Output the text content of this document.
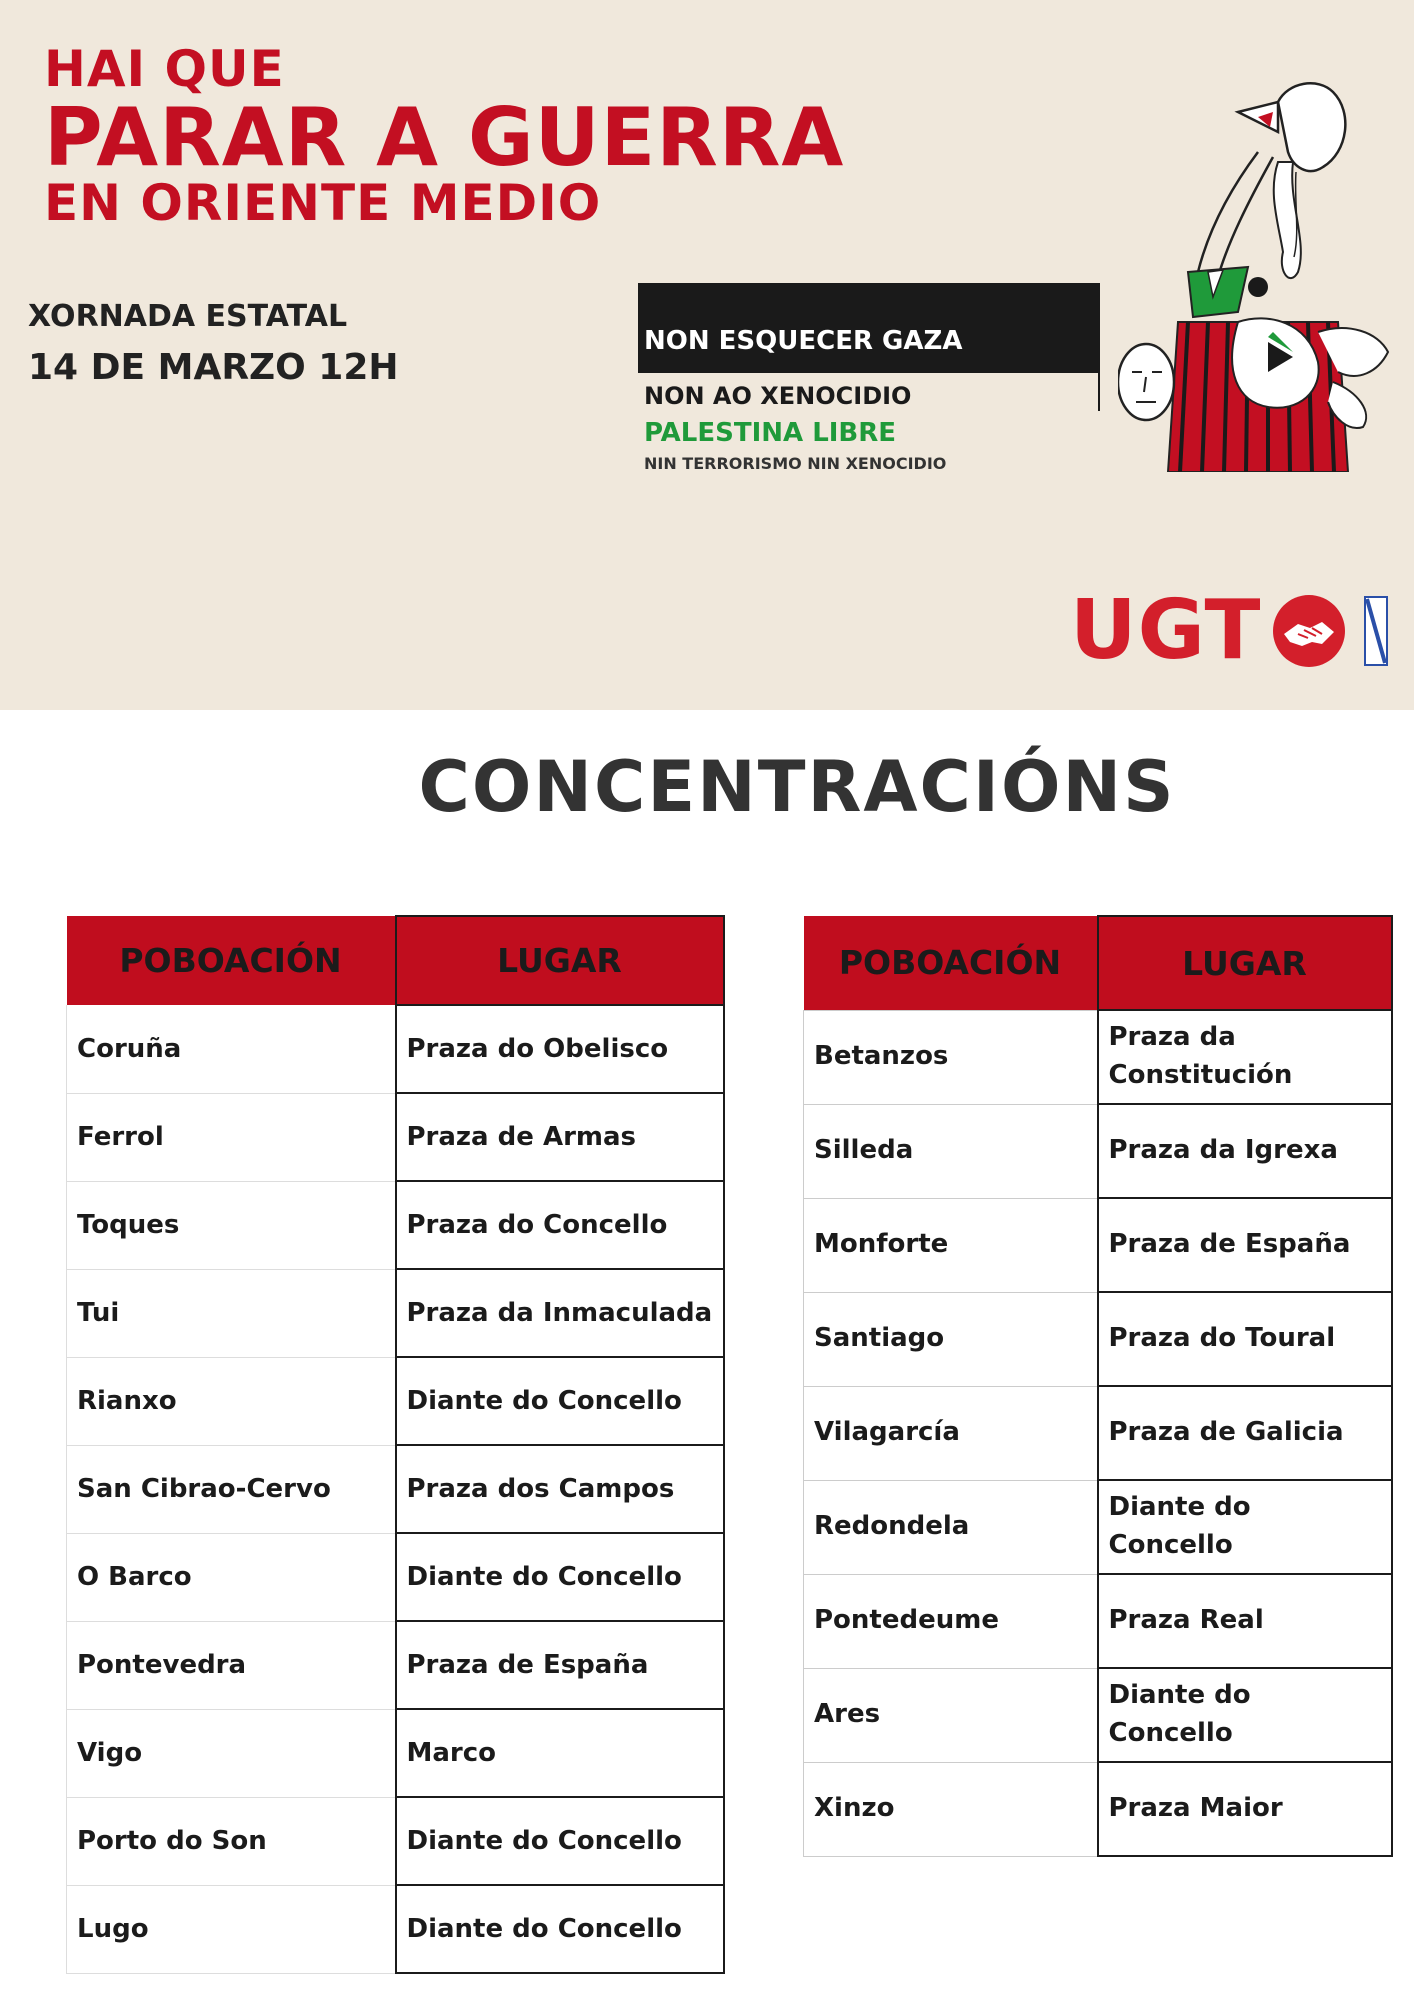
HAI QUE
PARAR A GUERRA
EN ORIENTE MEDIO
XORNADA ESTATAL
14 DE MARZO 12H
NON ESQUECER GAZA
NON AO XENOCIDIO
PALESTINA LIBRE
NIN TERRORISMO NIN XENOCIDIO
UGT
CONCENTRACIÓNS
POBOACIÓN	LUGAR
Coruña	Praza do Obelisco
Ferrol	Praza de Armas
Toques	Praza do Concello
Tui	Praza da Inmaculada
Rianxo	Diante do Concello
San Cibrao-Cervo	Praza dos Campos
O Barco	Diante do Concello
Pontevedra	Praza de España
Vigo	Marco
Porto do Son	Diante do Concello
Lugo	Diante do Concello
POBOACIÓN	LUGAR
Betanzos	Praza da Constitución
Silleda	Praza da Igrexa
Monforte	Praza de España
Santiago	Praza do Toural
Vilagarcía	Praza de Galicia
Redondela	Diante do Concello
Pontedeume	Praza Real
Ares	Diante do Concello
Xinzo	Praza Maior
